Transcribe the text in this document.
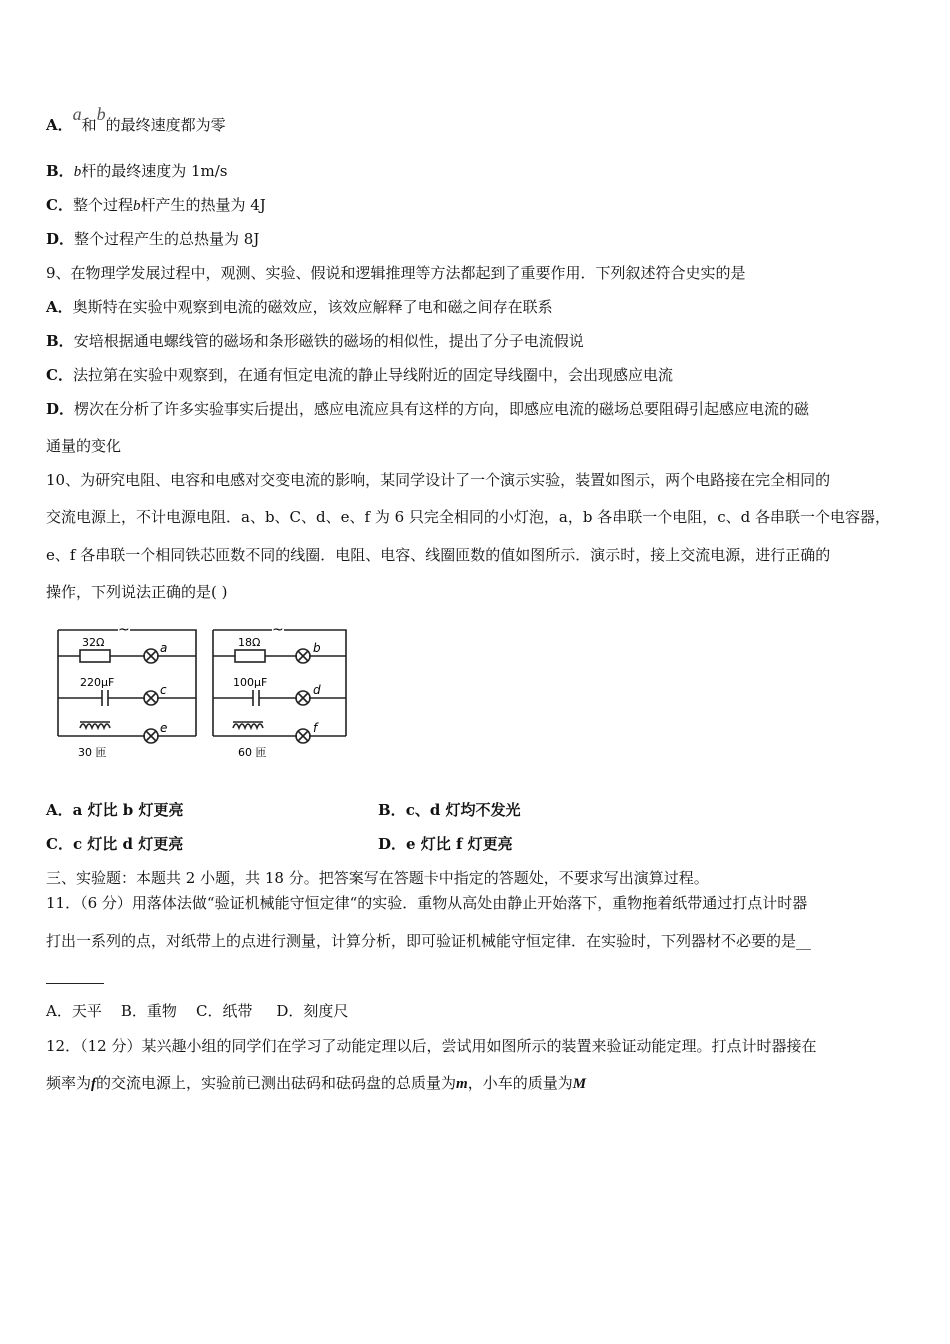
A．a和b的最终速度都为零
B．b杆的最终速度为 1m/s
C．整个过程b杆产生的热量为 4J
D．整个过程产生的总热量为 8J
9、在物理学发展过程中，观测、实验、假说和逻辑推理等方法都起到了重要作用．下列叙述符合史实的是
A．奥斯特在实验中观察到电流的磁效应，该效应解释了电和磁之间存在联系
B．安培根据通电螺线管的磁场和条形磁铁的磁场的相似性，提出了分子电流假说
C．法拉第在实验中观察到，在通有恒定电流的静止导线附近的固定导线圈中，会出现感应电流
D．楞次在分析了许多实验事实后提出，感应电流应具有这样的方向，即感应电流的磁场总要阻碍引起感应电流的磁
通量的变化
10、为研究电阻、电容和电感对交变电流的影响，某同学设计了一个演示实验，装置如图示，两个电路接在完全相同的
交流电源上，不计电源电阻．a、b、C、d、e、f 为 6 只完全相同的小灯泡，a，b 各串联一个电阻，c、d 各串联一个电容器，
e、f 各串联一个相同铁芯匝数不同的线圈．电阻、电容、线圈匝数的值如图所示．演示时，接上交流电源，进行正确的
操作，下列说法正确的是( )
~
32Ω	a
220μF
c
e
30 匝
~
18Ω	b
100μF
d
f
60 匝
A．a 灯比 b 灯更亮	B．c、d 灯均不发光
C．c 灯比 d 灯更亮	D．e 灯比 f 灯更亮
三、实验题：本题共 2 小题，共 18 分。把答案写在答题卡中指定的答题处，不要求写出演算过程。
11．（6 分）用落体法做“验证机械能守恒定律“的实验．重物从高处由静止开始落下，重物拖着纸带通过打点计时器
打出一系列的点，对纸带上的点进行测量，计算分析，即可验证机械能守恒定律．在实验时，下列器材不必要的是__
A．天平    B．重物    C．纸带     D．刻度尺
12．（12 分）某兴趣小组的同学们在学习了动能定理以后，尝试用如图所示的装置来验证动能定理。打点计时器接在
频率为f的交流电源上，实验前已测出砝码和砝码盘的总质量为m，小车的质量为M
